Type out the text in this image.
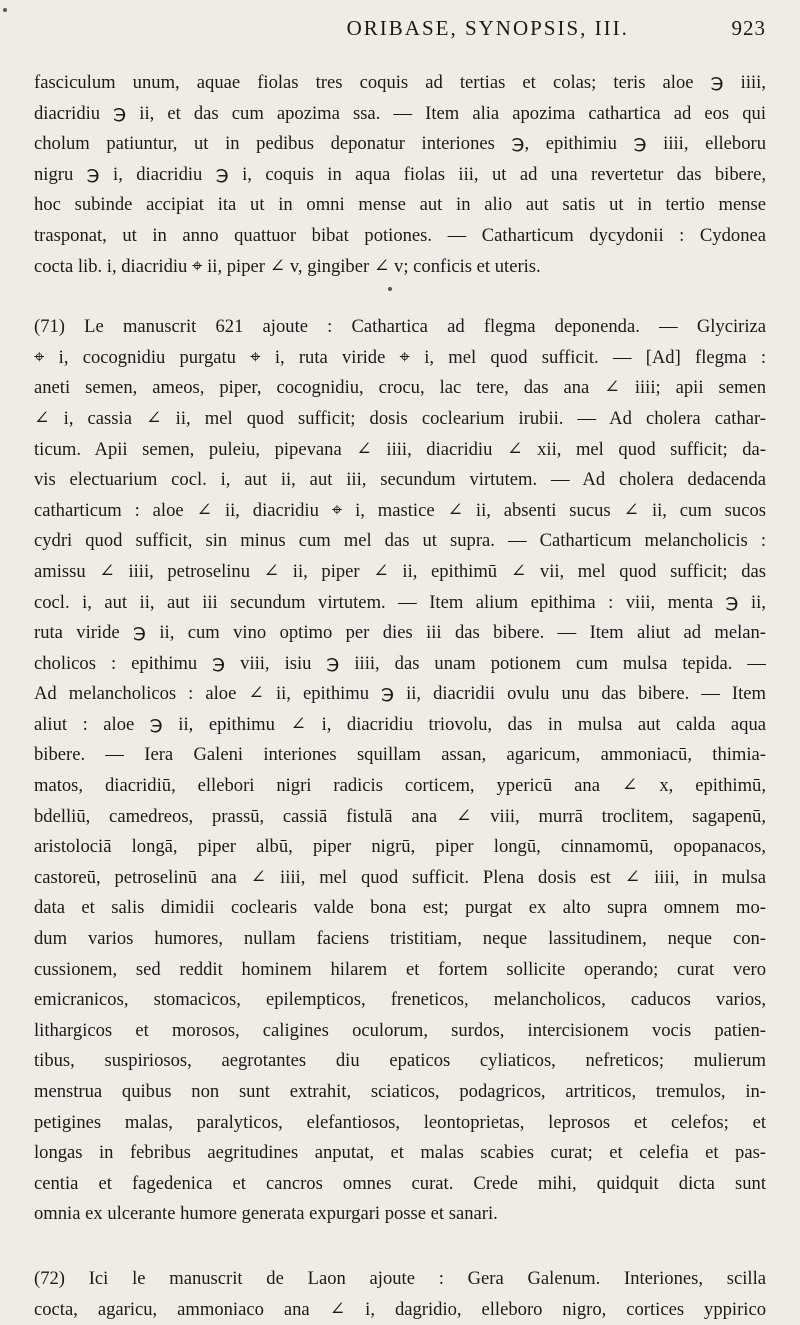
ORIBASE, SYNOPSIS, III.	923
fasciculum unum, aquae fiolas tres coquis ad tertias et colas; teris aloe ℈ iiii,
diacridiu ℈ ii, et das cum apozima ssa. — Item alia apozima cathartica ad eos qui
cholum patiuntur, ut in pedibus deponatur interiones ℈, epithimiu ℈ iiii, elleboru
nigru ℈ i, diacridiu ℈ i, coquis in aqua fiolas iii, ut ad una revertetur das bibere,
hoc subinde accipiat ita ut in omni mense aut in alio aut satis ut in tertio mense
trasponat, ut in anno quattuor bibat potiones. — Catharticum dycydonii : Cydonea
cocta lib. i, diacridiu ⌖ ii, piper ∠ v, gingiber ∠ v; conficis et uteris.
(71) Le manuscrit 621 ajoute : Cathartica ad flegma deponenda. — Glyciriza
⌖ i, cocognidiu purgatu ⌖ i, ruta viride ⌖ i, mel quod sufficit. — [Ad] flegma :
aneti semen, ameos, piper, cocognidiu, crocu, lac tere, das ana ∠ iiii; apii semen
∠ i, cassia ∠ ii, mel quod sufficit; dosis coclearium irubii. — Ad cholera cathar-
ticum. Apii semen, puleiu, pipevana ∠ iiii, diacridiu ∠ xii, mel quod sufficit; da-
vis electuarium cocl. i, aut ii, aut iii, secundum virtutem. — Ad cholera dedacenda
catharticum : aloe ∠ ii, diacridiu ⌖ i, mastice ∠ ii, absenti sucus ∠ ii, cum sucos
cydri quod sufficit, sin minus cum mel das ut supra. — Catharticum melancholicis :
amissu ∠ iiii, petroselinu ∠ ii, piper ∠ ii, epithimū ∠ vii, mel quod sufficit; das
cocl. i, aut ii, aut iii secundum virtutem. — Item alium epithima : viii, menta ℈ ii,
ruta viride ℈ ii, cum vino optimo per dies iii das bibere. — Item aliut ad melan-
cholicos : epithimu ℈ viii, isiu ℈ iiii, das unam potionem cum mulsa tepida. —
Ad melancholicos : aloe ∠ ii, epithimu ℈ ii, diacridii ovulu unu das bibere. — Item
aliut : aloe ℈ ii, epithimu ∠ i, diacridiu triovolu, das in mulsa aut calda aqua
bibere. — Iera Galeni interiones squillam assan, agaricum, ammoniacū, thimia-
matos, diacridiū, ellebori nigri radicis corticem, ypericū ana ∠ x, epithimū,
bdelliū, camedreos, prassū, cassiā fistulā ana ∠ viii, murrā troclitem, sagapenū,
aristolociā longā, piper albū, piper nigrū, piper longū, cinnamomū, opopanacos,
castoreū, petroselinū ana ∠ iiii, mel quod sufficit. Plena dosis est ∠ iiii, in mulsa
data et salis dimidii coclearis valde bona est; purgat ex alto supra omnem mo-
dum varios humores, nullam faciens tristitiam, neque lassitudinem, neque con-
cussionem, sed reddit hominem hilarem et fortem sollicite operando; curat vero
emicranicos, stomacicos, epilempticos, freneticos, melancholicos, caducos varios,
lithargicos et morosos, caligines oculorum, surdos, intercisionem vocis patien-
tibus, suspiriosos, aegrotantes diu epaticos cyliaticos, nefreticos; mulierum
menstrua quibus non sunt extrahit, sciaticos, podagricos, artriticos, tremulos, in-
petigines malas, paralyticos, elefantiosos, leontoprietas, leprosos et celefos; et
longas in febribus aegritudines anputat, et malas scabies curat; et celefia et pas-
centia et fagedenica et cancros omnes curat. Crede mihi, quidquit dicta sunt
omnia ex ulcerante humore generata expurgari posse et sanari.
(72) Ici le manuscrit de Laon ajoute : Gera Galenum. Interiones, scilla
cocta, agaricu, ammoniaco ana ∠ i, dagridio, elleboro nigro, cortices yppirico
